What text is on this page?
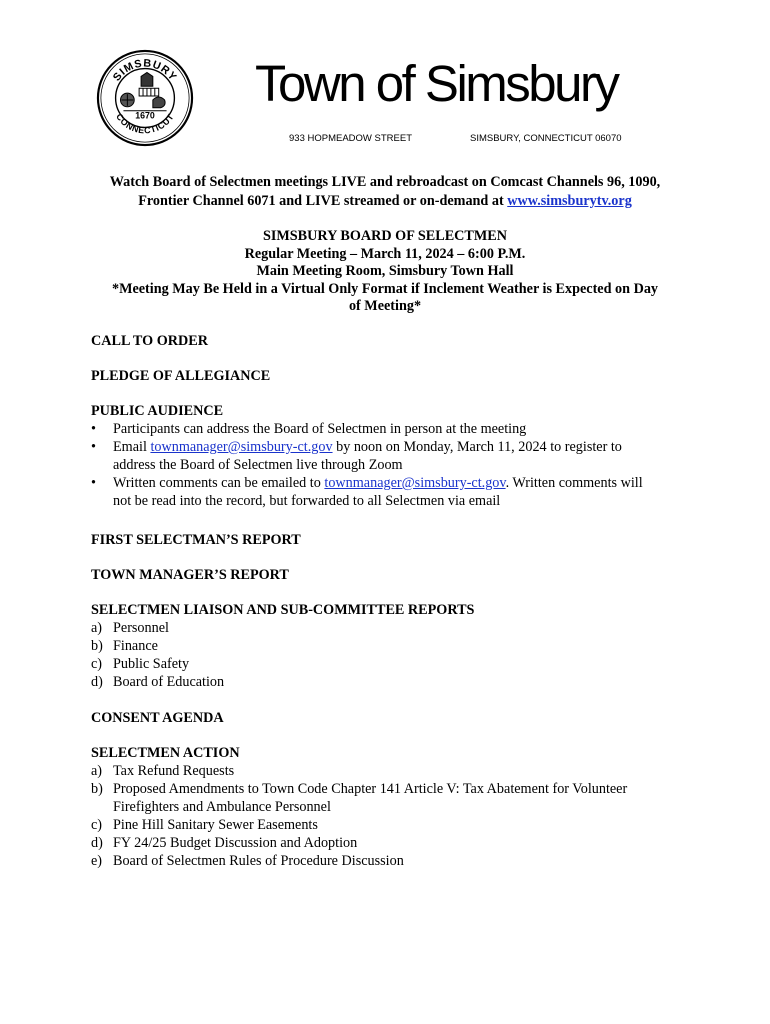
SIMSBURY
CONNECTICUT
1670
Town of Simsbury
933 HOPMEADOW STREET	SIMSBURY, CONNECTICUT 06070
Watch Board of Selectmen meetings LIVE and rebroadcast on Comcast Channels 96, 1090,
Frontier Channel 6071 and LIVE streamed or on-demand at www.simsburytv.org
SIMSBURY BOARD OF SELECTMEN
Regular Meeting – March 11, 2024 – 6:00 P.M.
Main Meeting Room, Simsbury Town Hall
*Meeting May Be Held in a Virtual Only Format if Inclement Weather is Expected on Day
of Meeting*
CALL TO ORDER
PLEDGE OF ALLEGIANCE
PUBLIC AUDIENCE
• Participants can address the Board of Selectmen in person at the meeting
• Email townmanager@simsbury-ct.gov by noon on Monday, March 11, 2024 to register to
address the Board of Selectmen live through Zoom
• Written comments can be emailed to townmanager@simsbury-ct.gov. Written comments will
not be read into the record, but forwarded to all Selectmen via email
FIRST SELECTMAN’S REPORT
TOWN MANAGER’S REPORT
SELECTMEN LIAISON AND SUB-COMMITTEE REPORTS
a) Personnel
b) Finance
c) Public Safety
d) Board of Education
CONSENT AGENDA
SELECTMEN ACTION
a) Tax Refund Requests
b) Proposed Amendments to Town Code Chapter 141 Article V: Tax Abatement for Volunteer
Firefighters and Ambulance Personnel
c) Pine Hill Sanitary Sewer Easements
d) FY 24/25 Budget Discussion and Adoption
e) Board of Selectmen Rules of Procedure Discussion
